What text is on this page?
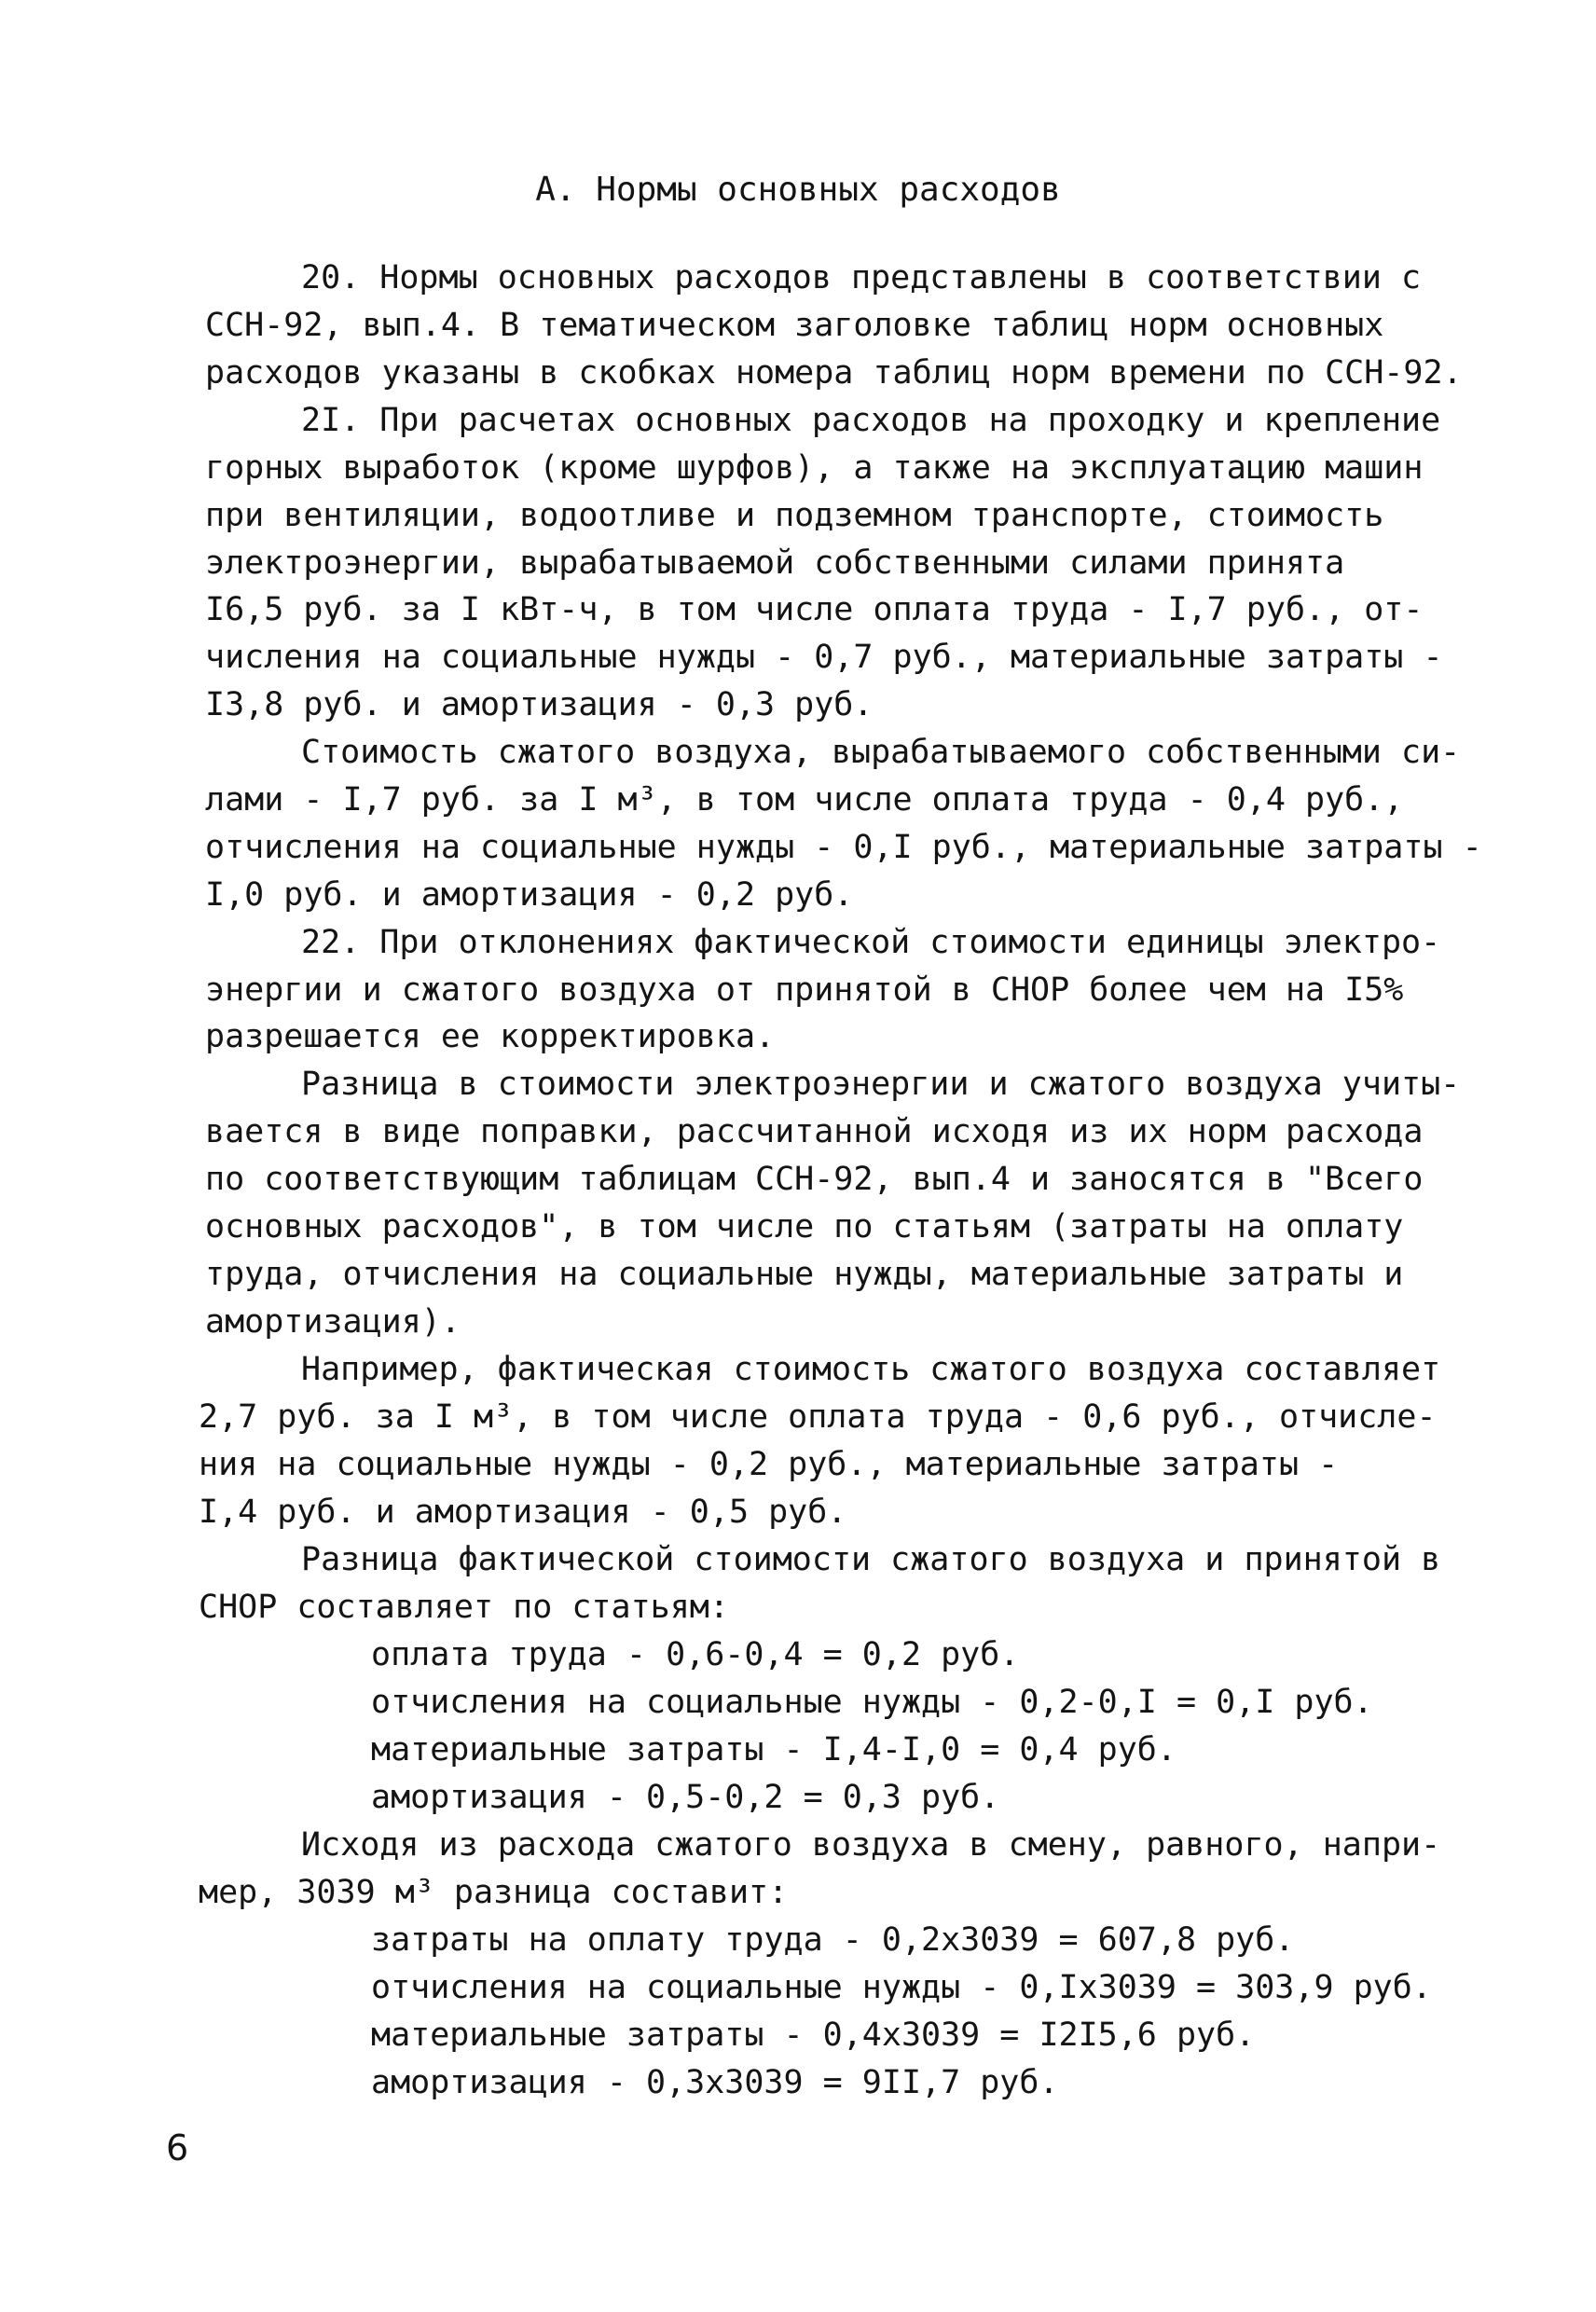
А. Нормы основных расходов
20. Нормы основных расходов представлены в соответствии с
ССН-92, вып.4. В тематическом заголовке таблиц норм основных
расходов указаны в скобках номера таблиц норм времени по ССН-92.
2I. При расчетах основных расходов на проходку и крепление
горных выработок (кроме шурфов), а также на эксплуатацию машин
при вентиляции, водоотливе и подземном транспорте, стоимость
электроэнергии, вырабатываемой собственными силами принята
I6,5 руб. за I кВт-ч, в том числе оплата труда - I,7 руб., от-
числения на социальные нужды - 0,7 руб., материальные затраты -
I3,8 руб. и амортизация - 0,3 руб.
Стоимость сжатого воздуха, вырабатываемого собственными си-
лами - I,7 руб. за I м³, в том числе оплата труда - 0,4 руб.,
отчисления на социальные нужды - 0,I руб., материальные затраты -
I,0 руб. и амортизация - 0,2 руб.
22. При отклонениях фактической стоимости единицы электро-
энергии и сжатого воздуха от принятой в СНОР более чем на I5%
разрешается ее корректировка.
Разница в стоимости электроэнергии и сжатого воздуха учиты-
вается в виде поправки, рассчитанной исходя из их норм расхода
по соответствующим таблицам ССН-92, вып.4 и заносятся в "Всего
основных расходов", в том числе по статьям (затраты на оплату
труда, отчисления на социальные нужды, материальные затраты и
амортизация).
Например, фактическая стоимость сжатого воздуха составляет
2,7 руб. за I м³, в том числе оплата труда - 0,6 руб., отчисле-
ния на социальные нужды - 0,2 руб., материальные затраты -
I,4 руб. и амортизация - 0,5 руб.
Разница фактической стоимости сжатого воздуха и принятой в
СНОР составляет по статьям:
оплата труда - 0,6-0,4 = 0,2 руб.
отчисления на социальные нужды - 0,2-0,I = 0,I руб.
материальные затраты - I,4-I,0 = 0,4 руб.
амортизация - 0,5-0,2 = 0,3 руб.
Исходя из расхода сжатого воздуха в смену, равного, напри-
мер, 3039 м³ разница составит:
затраты на оплату труда - 0,2x3039 = 607,8 руб.
отчисления на социальные нужды - 0,Ix3039 = 303,9 руб.
материальные затраты - 0,4x3039 = I2I5,6 руб.
амортизация - 0,3x3039 = 9II,7 руб.
6
